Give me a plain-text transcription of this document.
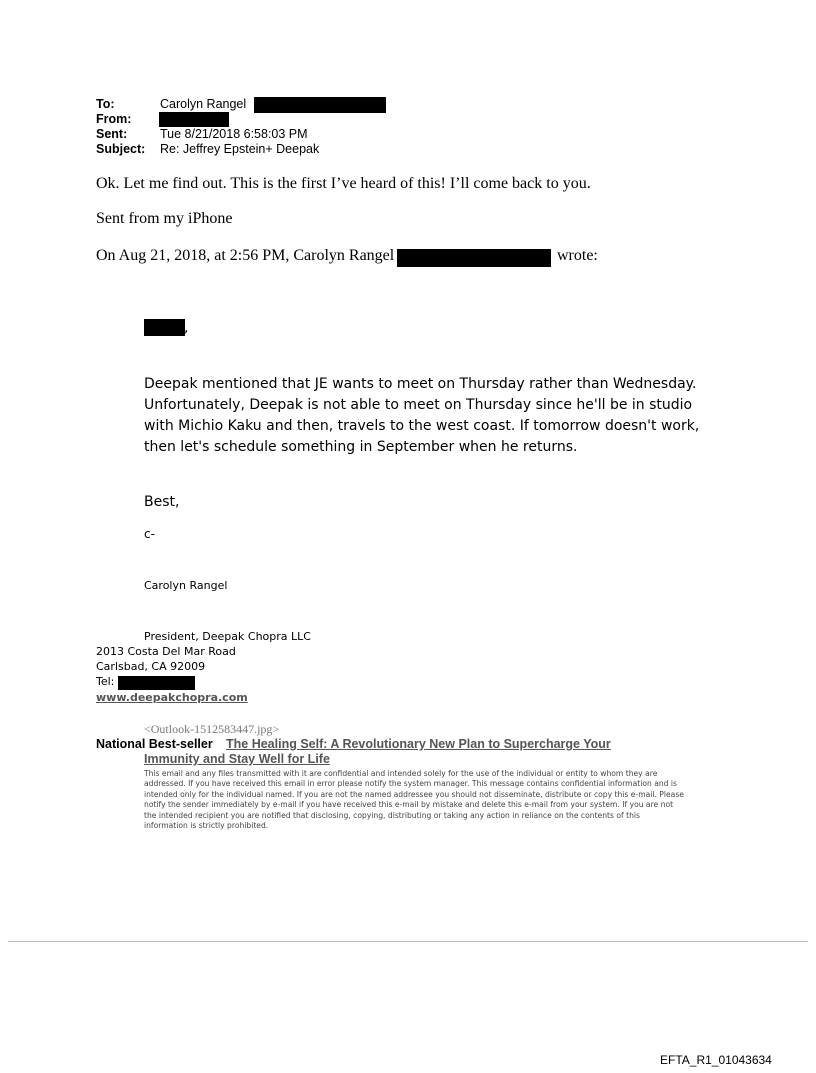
To:	Carolyn Rangel
From:
Sent:	Tue 8/21/2018 6:58:03 PM
Subject: Re: Jeffrey Epstein+ Deepak
Ok. Let me find out. This is the first I’ve heard of this! I’ll come back to you.
Sent from my iPhone
On Aug 21, 2018, at 2:56 PM, Carolyn Rangel	wrote:
,
Deepak mentioned that JE wants to meet on Thursday rather than Wednesday.
Unfortunately, Deepak is not able to meet on Thursday since he'll be in studio
with Michio Kaku and then, travels to the west coast. If tomorrow doesn't work,
then let's schedule something in September when he returns.
Best,
c-
Carolyn Rangel
President, Deepak Chopra LLC
2013 Costa Del Mar Road
Carlsbad, CA 92009
Tel:
www.deepakchopra.com
<Outlook-1512583447.jpg>
National Best-seller The Healing Self: A Revolutionary New Plan to Supercharge Your
Immunity and Stay Well for Life
This email and any files transmitted with it are confidential and intended solely for the use of the individual or entity to whom they are addressed. If you have received this email in error please notify the system manager. This message contains confidential information and is intended only for the individual named. If you are not the named addressee you should not disseminate, distribute or copy this e-mail. Please notify the sender immediately by e-mail if you have received this e-mail by mistake and delete this e-mail from your system. If you are not the intended recipient you are notified that disclosing, copying, distributing or taking any action in reliance on the contents of this information is strictly prohibited.
EFTA_R1_01043634
